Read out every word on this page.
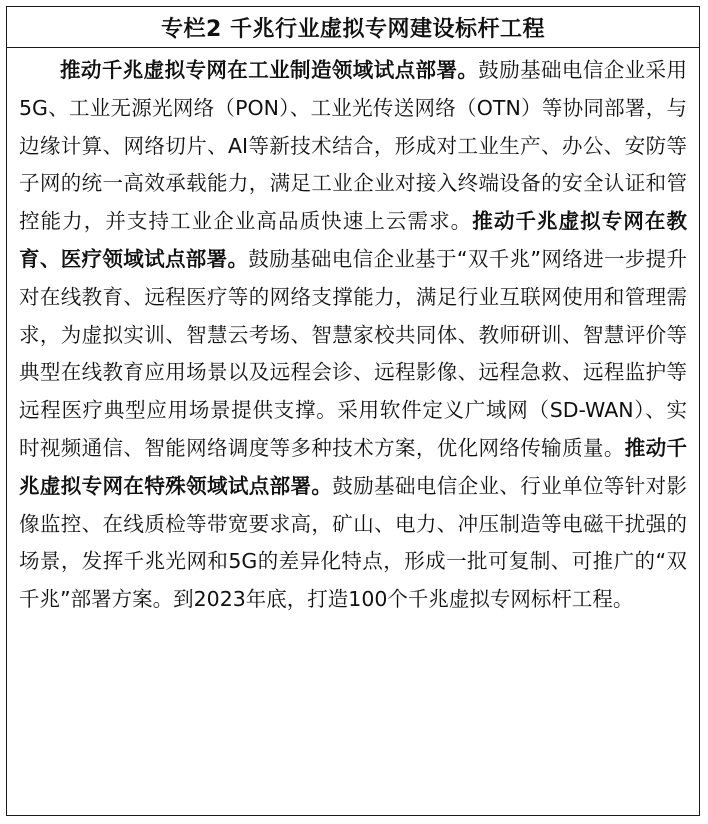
专栏2 千兆行业虚拟专网建设标杆工程
推动千兆虚拟专网在工业制造领域试点部署。鼓励基础电信企业采用5G、工业无源光网络（PON）、工业光传送网络（OTN）等协同部署，与边缘计算、网络切片、AI等新技术结合，形成对工业生产、办公、安防等子网的统一高效承载能力，满足工业企业对接入终端设备的安全认证和管控能力，并支持工业企业高品质快速上云需求。推动千兆虚拟专网在教育、医疗领域试点部署。鼓励基础电信企业基于“双千兆”网络进一步提升对在线教育、远程医疗等的网络支撑能力，满足行业互联网使用和管理需求，为虚拟实训、智慧云考场、智慧家校共同体、教师研训、智慧评价等典型在线教育应用场景以及远程会诊、远程影像、远程急救、远程监护等远程医疗典型应用场景提供支撑。采用软件定义广域网（SD-WAN）、实时视频通信、智能网络调度等多种技术方案，优化网络传输质量。推动千兆虚拟专网在特殊领域试点部署。鼓励基础电信企业、行业单位等针对影像监控、在线质检等带宽要求高，矿山、电力、冲压制造等电磁干扰强的场景，发挥千兆光网和5G的差异化特点，形成一批可复制、可推广的“双千兆”部署方案。到2023年底，打造100个千兆虚拟专网标杆工程。
